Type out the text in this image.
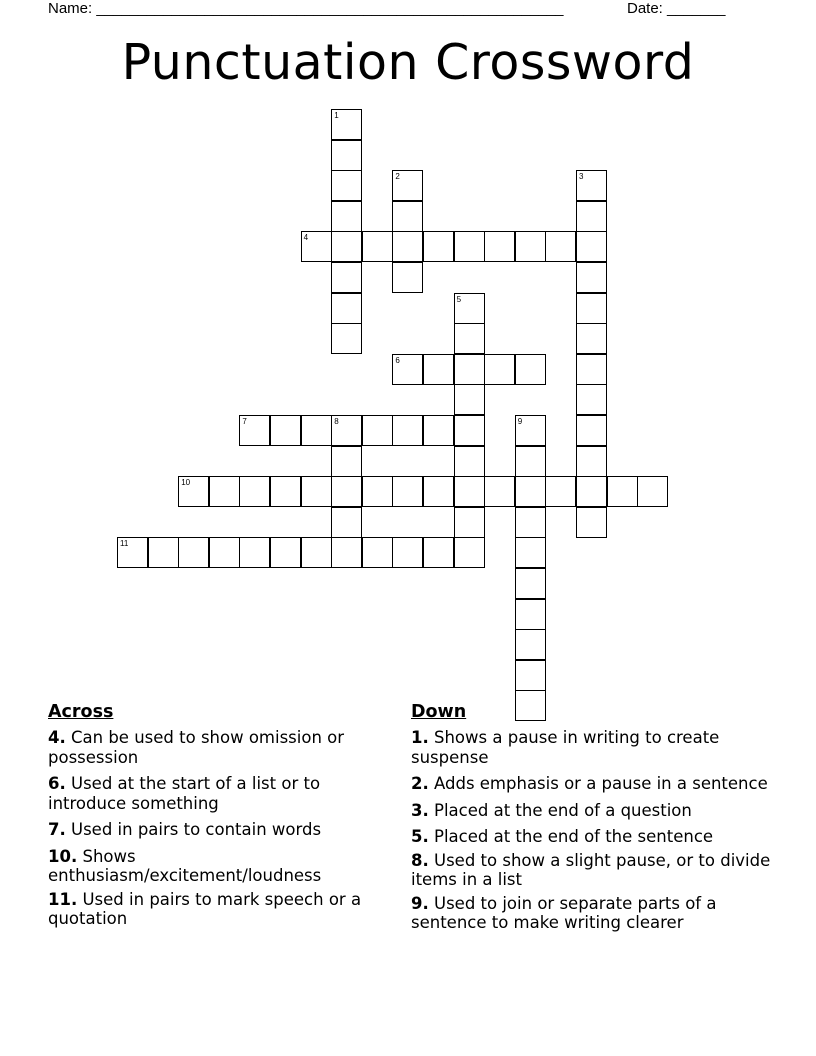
Name: ________________________________________________________	Date: _______
Punctuation Crossword
1
2	3
4
5
6
7	8	9
10
11
Across
4. Can be used to show omission or possession
6. Used at the start of a list or to introduce something
7. Used in pairs to contain words
10. Shows enthusiasm/excitement/loudness
11. Used in pairs to mark speech or a quotation
Down
1. Shows a pause in writing to create suspense
2. Adds emphasis or a pause in a sentence
3. Placed at the end of a question
5. Placed at the end of the sentence
8. Used to show a slight pause, or to divide items in a list
9. Used to join or separate parts of a sentence to make writing clearer
